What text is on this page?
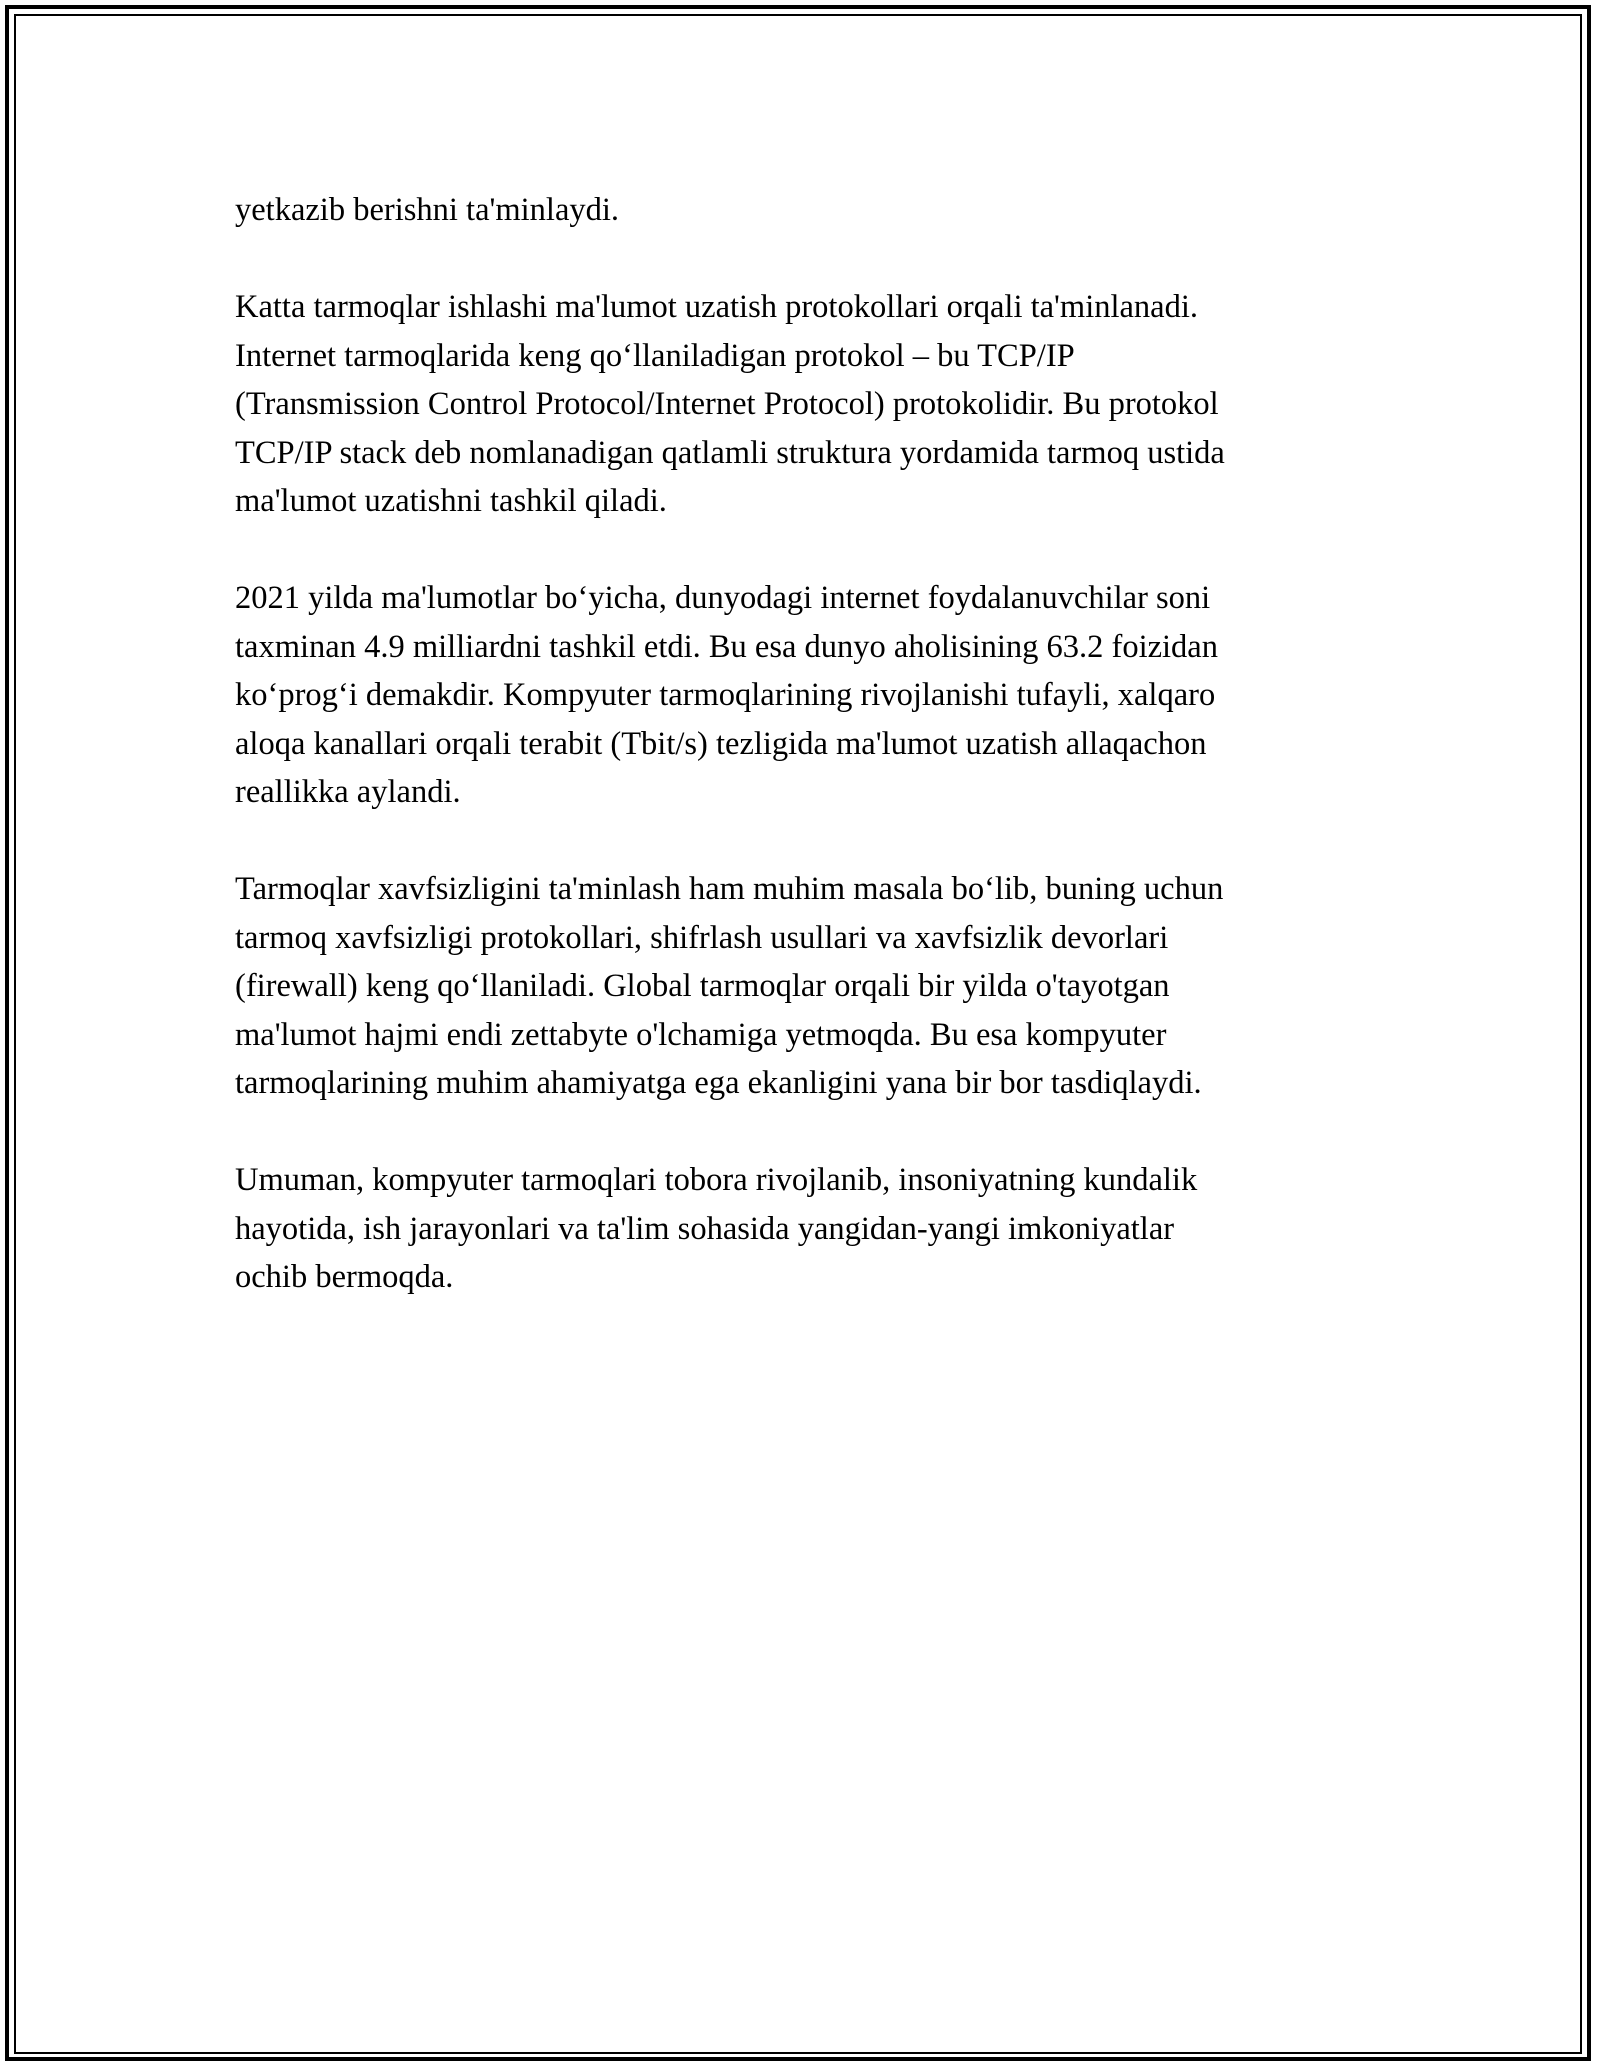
yetkazib berishni ta'minlaydi.

Katta tarmoqlar ishlashi ma'lumot uzatish protokollari orqali ta'minlanadi.
Internet tarmoqlarida keng qoʻllaniladigan protokol – bu TCP/IP
(Transmission Control Protocol/Internet Protocol) protokolidir. Bu protokol
TCP/IP stack deb nomlanadigan qatlamli struktura yordamida tarmoq ustida
ma'lumot uzatishni tashkil qiladi.

2021 yilda ma'lumotlar boʻyicha, dunyodagi internet foydalanuvchilar soni
taxminan 4.9 milliardni tashkil etdi. Bu esa dunyo aholisining 63.2 foizidan
koʻprogʻi demakdir. Kompyuter tarmoqlarining rivojlanishi tufayli, xalqaro
aloqa kanallari orqali terabit (Tbit/s) tezligida ma'lumot uzatish allaqachon
reallikka aylandi.

Tarmoqlar xavfsizligini ta'minlash ham muhim masala boʻlib, buning uchun
tarmoq xavfsizligi protokollari, shifrlash usullari va xavfsizlik devorlari
(firewall) keng qoʻllaniladi. Global tarmoqlar orqali bir yilda o'tayotgan
ma'lumot hajmi endi zettabyte o'lchamiga yetmoqda. Bu esa kompyuter
tarmoqlarining muhim ahamiyatga ega ekanligini yana bir bor tasdiqlaydi.

Umuman, kompyuter tarmoqlari tobora rivojlanib, insoniyatning kundalik
hayotida, ish jarayonlari va ta'lim sohasida yangidan-yangi imkoniyatlar
ochib bermoqda.
